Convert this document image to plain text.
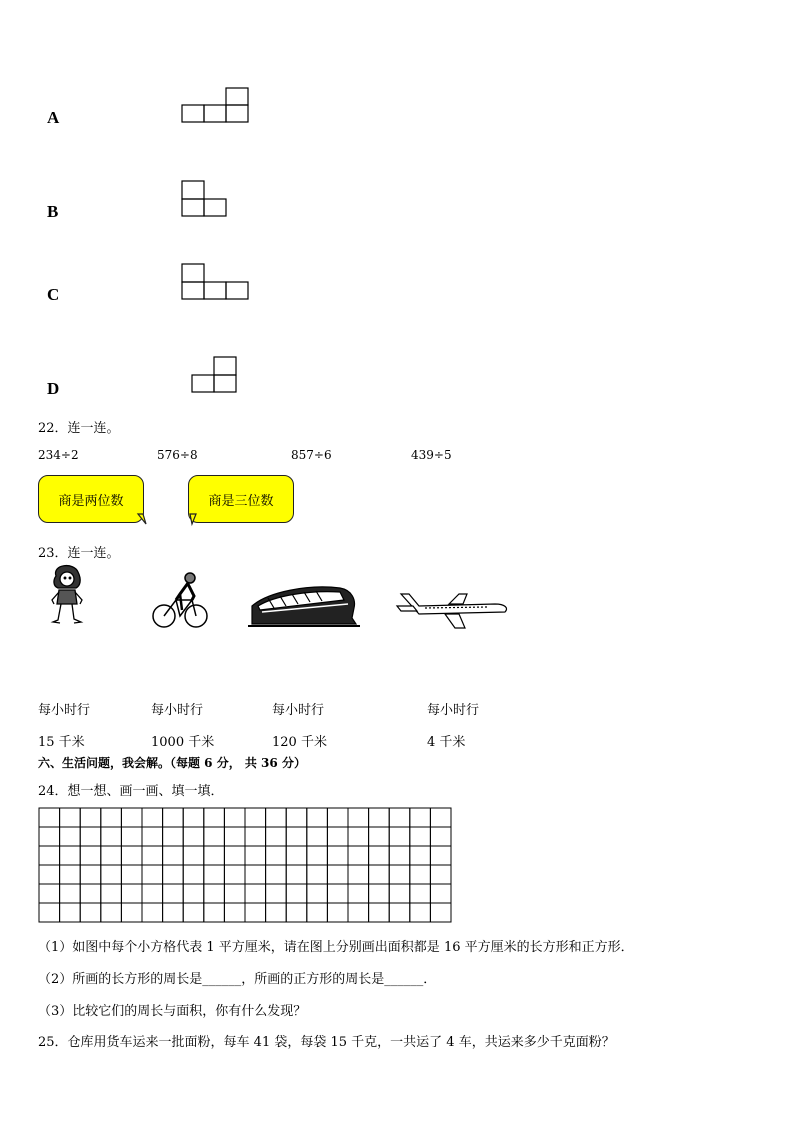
A
B
C
D
22．连一连。
234÷2	576÷8	857÷6	439÷5
商是两位数	商是三位数
23．连一连。
每小时行	每小时行	每小时行	每小时行
15 千米	1000 千米	120 千米	4 千米
六、生活问题，我会解。（每题 6 分， 共 36 分）
24．想一想、画一画、填一填．
（1）如图中每个小方格代表 1 平方厘米，请在图上分别画出面积都是 16 平方厘米的长方形和正方形．
（2）所画的长方形的周长是______，所画的正方形的周长是______．
（3）比较它们的周长与面积，你有什么发现？
25．仓库用货车运来一批面粉，每车 41 袋，每袋 15 千克，一共运了 4 车，共运来多少千克面粉？
